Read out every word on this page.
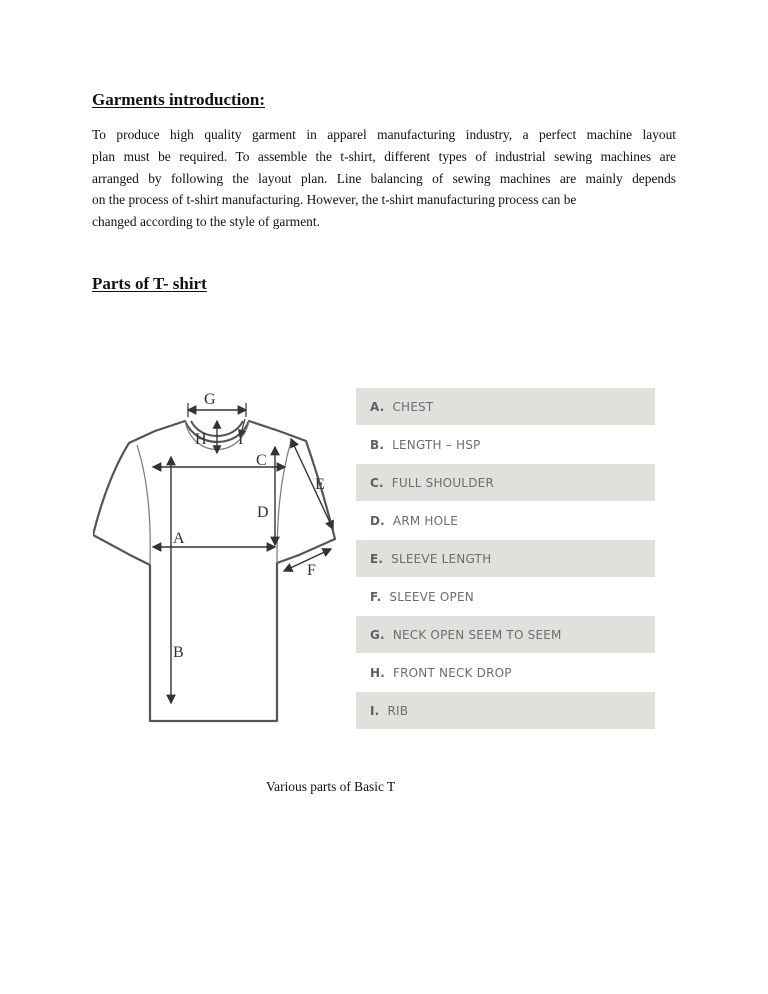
Garments introduction:

To produce high quality garment in apparel manufacturing industry, a perfect machine layout
plan must be required. To assemble the t-shirt, different types of industrial sewing machines are
arranged by following the layout plan. Line balancing of sewing machines are mainly depends
on the process of t-shirt manufacturing. However, the t-shirt manufacturing process can be
changed according to the style of garment.

Parts of T- shirt
G
H I
C
E
D
A
F
B
A. CHEST
B. LENGTH – HSP
C. FULL SHOULDER
D. ARM HOLE
E. SLEEVE LENGTH
F. SLEEVE OPEN
G. NECK OPEN SEEM TO SEEM
H. FRONT NECK DROP
I. RIB

Various parts of Basic T
